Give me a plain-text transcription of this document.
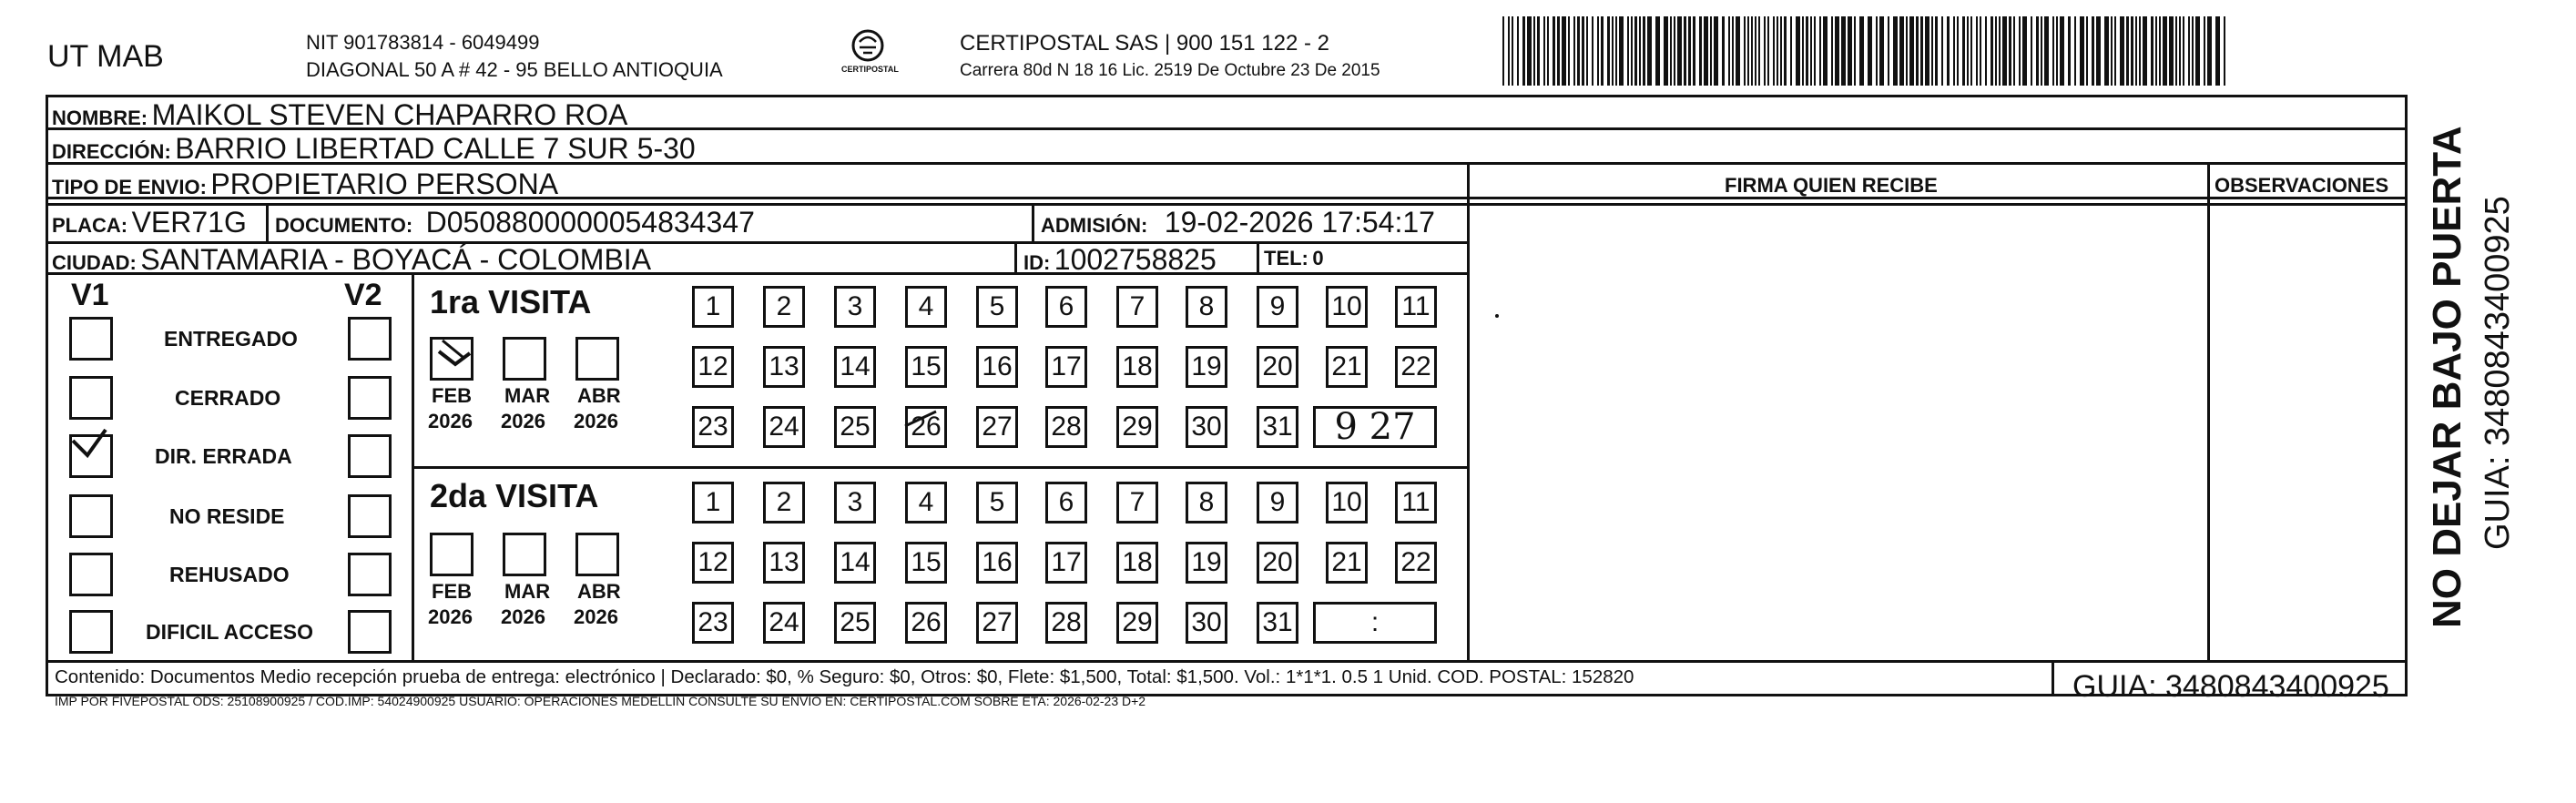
UT MAB	NIT 901783814 - 6049499
DIAGONAL 50 A # 42 - 95 BELLO ANTIOQUIA	CERTIPOSTAL
CERTIPOSTAL SAS | 900 151 122 - 2
Carrera 80d N 18 16 Lic. 2519 De Octubre 23 De 2015
NOMBRE: MAIKOL STEVEN CHAPARRO ROA
DIRECCIÓN: BARRIO LIBERTAD CALLE 7 SUR 5-30
TIPO DE ENVIO: PROPIETARIO PERSONA
PLACA: VER71G DOCUMENTO: D0508800000054834347	ADMISIÓN: 19-02-2026 17:54:17
CIUDAD: SANTAMARIA - BOYACÁ - COLOMBIA	ID: 1002758825 TEL: 0
FIRMA QUIEN RECIBE	OBSERVACIONES
V1	V2
ENTREGADO
CERRADO
DIR. ERRADA
NO RESIDE
REHUSADO
DIFICIL ACCESO
1ra VISITA
FEB
2026
MAR
2026
ABR
2026
1	2	3	4	5	6	7	8	9	10 11
12 13 14 15 16 17 18 19 20 21 22
23 24 25 26 27 28 29 30 31	9 27
2da VISITA
FEB
2026
MAR
2026
ABR
2026
1	2	3	4	5	6	7	8	9	10 11
12 13 14 15 16 17 18 19 20 21 22
23 24 25 26 27 28 29 30 31	:
Contenido: Documentos Medio recepción prueba de entrega: electrónico | Declarado: $0, % Seguro: $0, Otros: $0, Flete: $1,500, Total: $1,500. Vol.: 1*1*1. 0.5 1 Unid. COD. POSTAL: 152820
IMP POR FIVEPOSTAL ODS: 25108900925 / COD.IMP: 54024900925 USUARIO: OPERACIONES MEDELLIN CONSULTE SU ENVIO EN: CERTIPOSTAL.COM SOBRE ETA: 2026-02-23 D+2	GUIA: 3480843400925
NO DEJAR BAJO PUERTA GUIA: 3480843400925
